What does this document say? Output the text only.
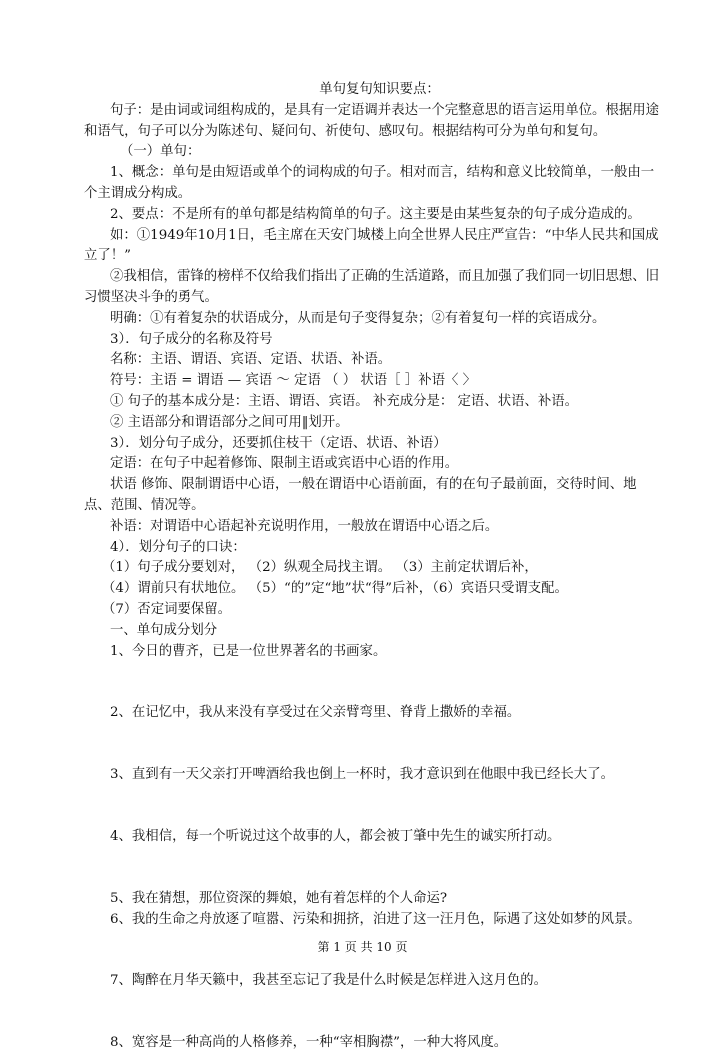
单句复句知识要点：

句子：是由词或词组构成的，是具有一定语调并表达一个完整意思的语言运用单位。根据用途和语气，句子可以分为陈述句、疑问句、祈使句、感叹句。根据结构可分为单句和复句。

（一）单句：

1、概念：单句是由短语或单个的词构成的句子。相对而言，结构和意义比较简单，一般由一个主谓成分构成。

2、要点：不是所有的单句都是结构简单的句子。这主要是由某些复杂的句子成分造成的。

如：①1949年10月1日，毛主席在天安门城楼上向全世界人民庄严宣告：“中华人民共和国成立了！”

②我相信，雷锋的榜样不仅给我们指出了正确的生活道路，而且加强了我们同一切旧思想、旧习惯坚决斗争的勇气。

明确：①有着复杂的状语成分，从而是句子变得复杂；②有着复句一样的宾语成分。

3）．句子成分的名称及符号

名称：主语、谓语、宾语、定语、状语、补语。

符号：主语 = 谓语 — 宾语 ～ 定语 （ ） 状语［ ］补语〈 〉

① 句子的基本成分是：主语、谓语、宾语。 补充成分是： 定语、状语、补语。

② 主语部分和谓语部分之间可用‖划开。

3）．划分句子成分，还要抓住枝干（定语、状语、补语）

定语：在句子中起着修饰、限制主语或宾语中心语的作用。

状语 修饰、限制谓语中心语，一般在谓语中心语前面，有的在句子最前面，交待时间、地点、范围、情况等。

补语：对谓语中心语起补充说明作用，一般放在谓语中心语之后。

4）．划分句子的口诀：

（1）句子成分要划对， （2）纵观全局找主谓。 （3）主前定状谓后补，

（4）谓前只有状地位。 （5）“的”定“地”状“得”后补，（6）宾语只受谓支配。

（7）否定词要保留。

一、单句成分划分

1、今日的曹齐，已是一位世界著名的书画家。

2、在记忆中，我从来没有享受过在父亲臂弯里、脊背上撒娇的幸福。

3、直到有一天父亲打开啤酒给我也倒上一杯时，我才意识到在他眼中我已经长大了。

4、我相信，每一个听说过这个故事的人，都会被丁肇中先生的诚实所打动。

5、我在猜想，那位资深的舞娘，她有着怎样的个人命运?

6、我的生命之舟放逐了喧嚣、污染和拥挤，泊进了这一汪月色，际遇了这处如梦的风景。

7、陶醉在月华天籁中，我甚至忘记了我是什么时候是怎样进入这月色的。

8、宽容是一种高尚的人格修养，一种“宰相胸襟”，一种大将风度。

第 1 页 共 10 页
